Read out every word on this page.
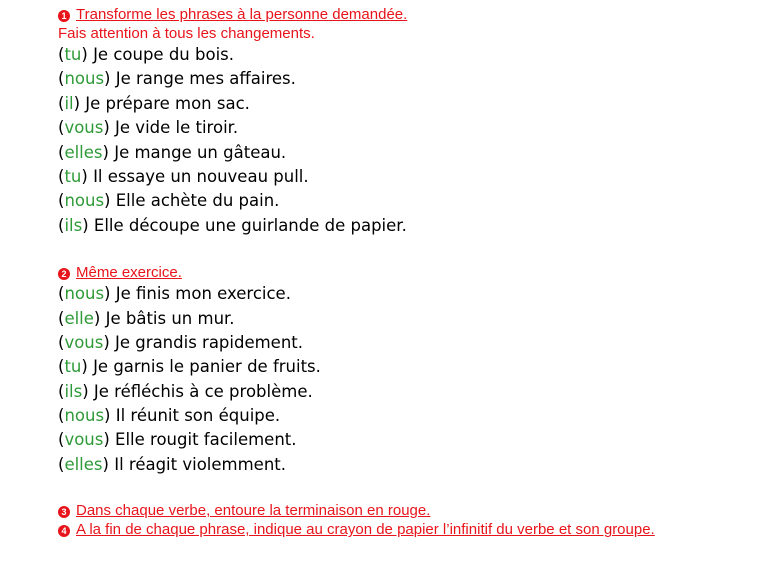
1 Transforme les phrases à la personne demandée.
Fais attention à tous les changements.
(tu) Je coupe du bois.
(nous) Je range mes affaires.
(il) Je prépare mon sac.
(vous) Je vide le tiroir.
(elles) Je mange un gâteau.
(tu) Il essaye un nouveau pull.
(nous) Elle achète du pain.
(ils) Elle découpe une guirlande de papier.
2 Même exercice.
(nous) Je finis mon exercice.
(elle) Je bâtis un mur.
(vous) Je grandis rapidement.
(tu) Je garnis le panier de fruits.
(ils) Je réfléchis à ce problème.
(nous) Il réunit son équipe.
(vous) Elle rougit facilement.
(elles) Il réagit violemment.
3 Dans chaque verbe, entoure la terminaison en rouge.
4 A la fin de chaque phrase, indique au crayon de papier l’infinitif du verbe et son groupe.
